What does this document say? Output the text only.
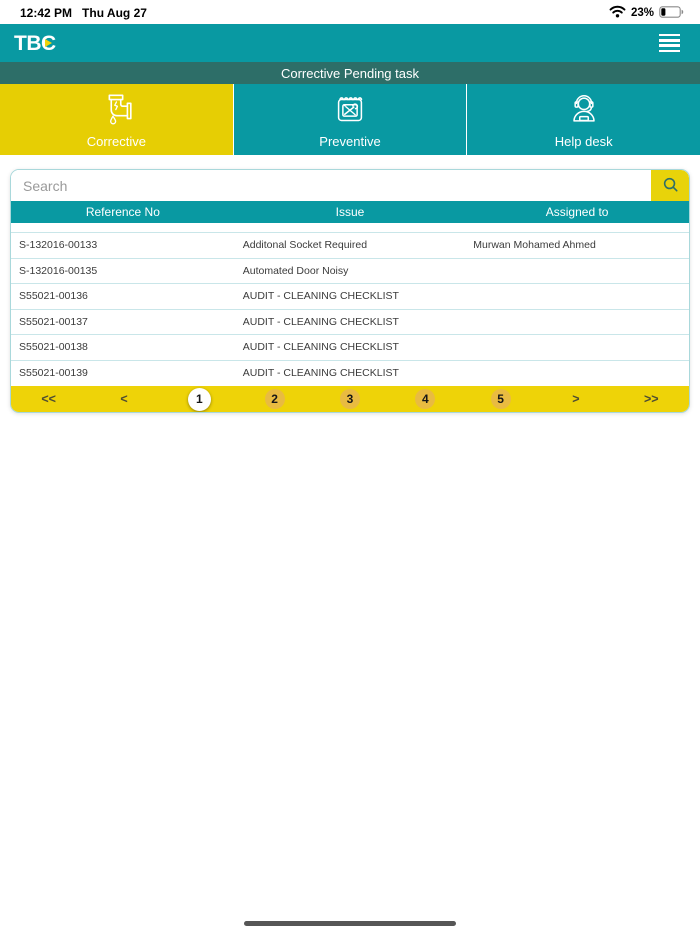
12:42 PM Thu Aug 27	23%
TBC
Corrective Pending task
Corrective	Preventive	Help desk
Search
Reference No	Issue	Assigned to
S-132016-00133	Additonal Socket Required	Murwan Mohamed Ahmed
S-132016-00135	Automated Door Noisy
S55021-00136	AUDIT - CLEANING CHECKLIST
S55021-00137	AUDIT - CLEANING CHECKLIST
S55021-00138	AUDIT - CLEANING CHECKLIST
S55021-00139	AUDIT - CLEANING CHECKLIST
<<	<	1	2	3	4	5	>	>>
